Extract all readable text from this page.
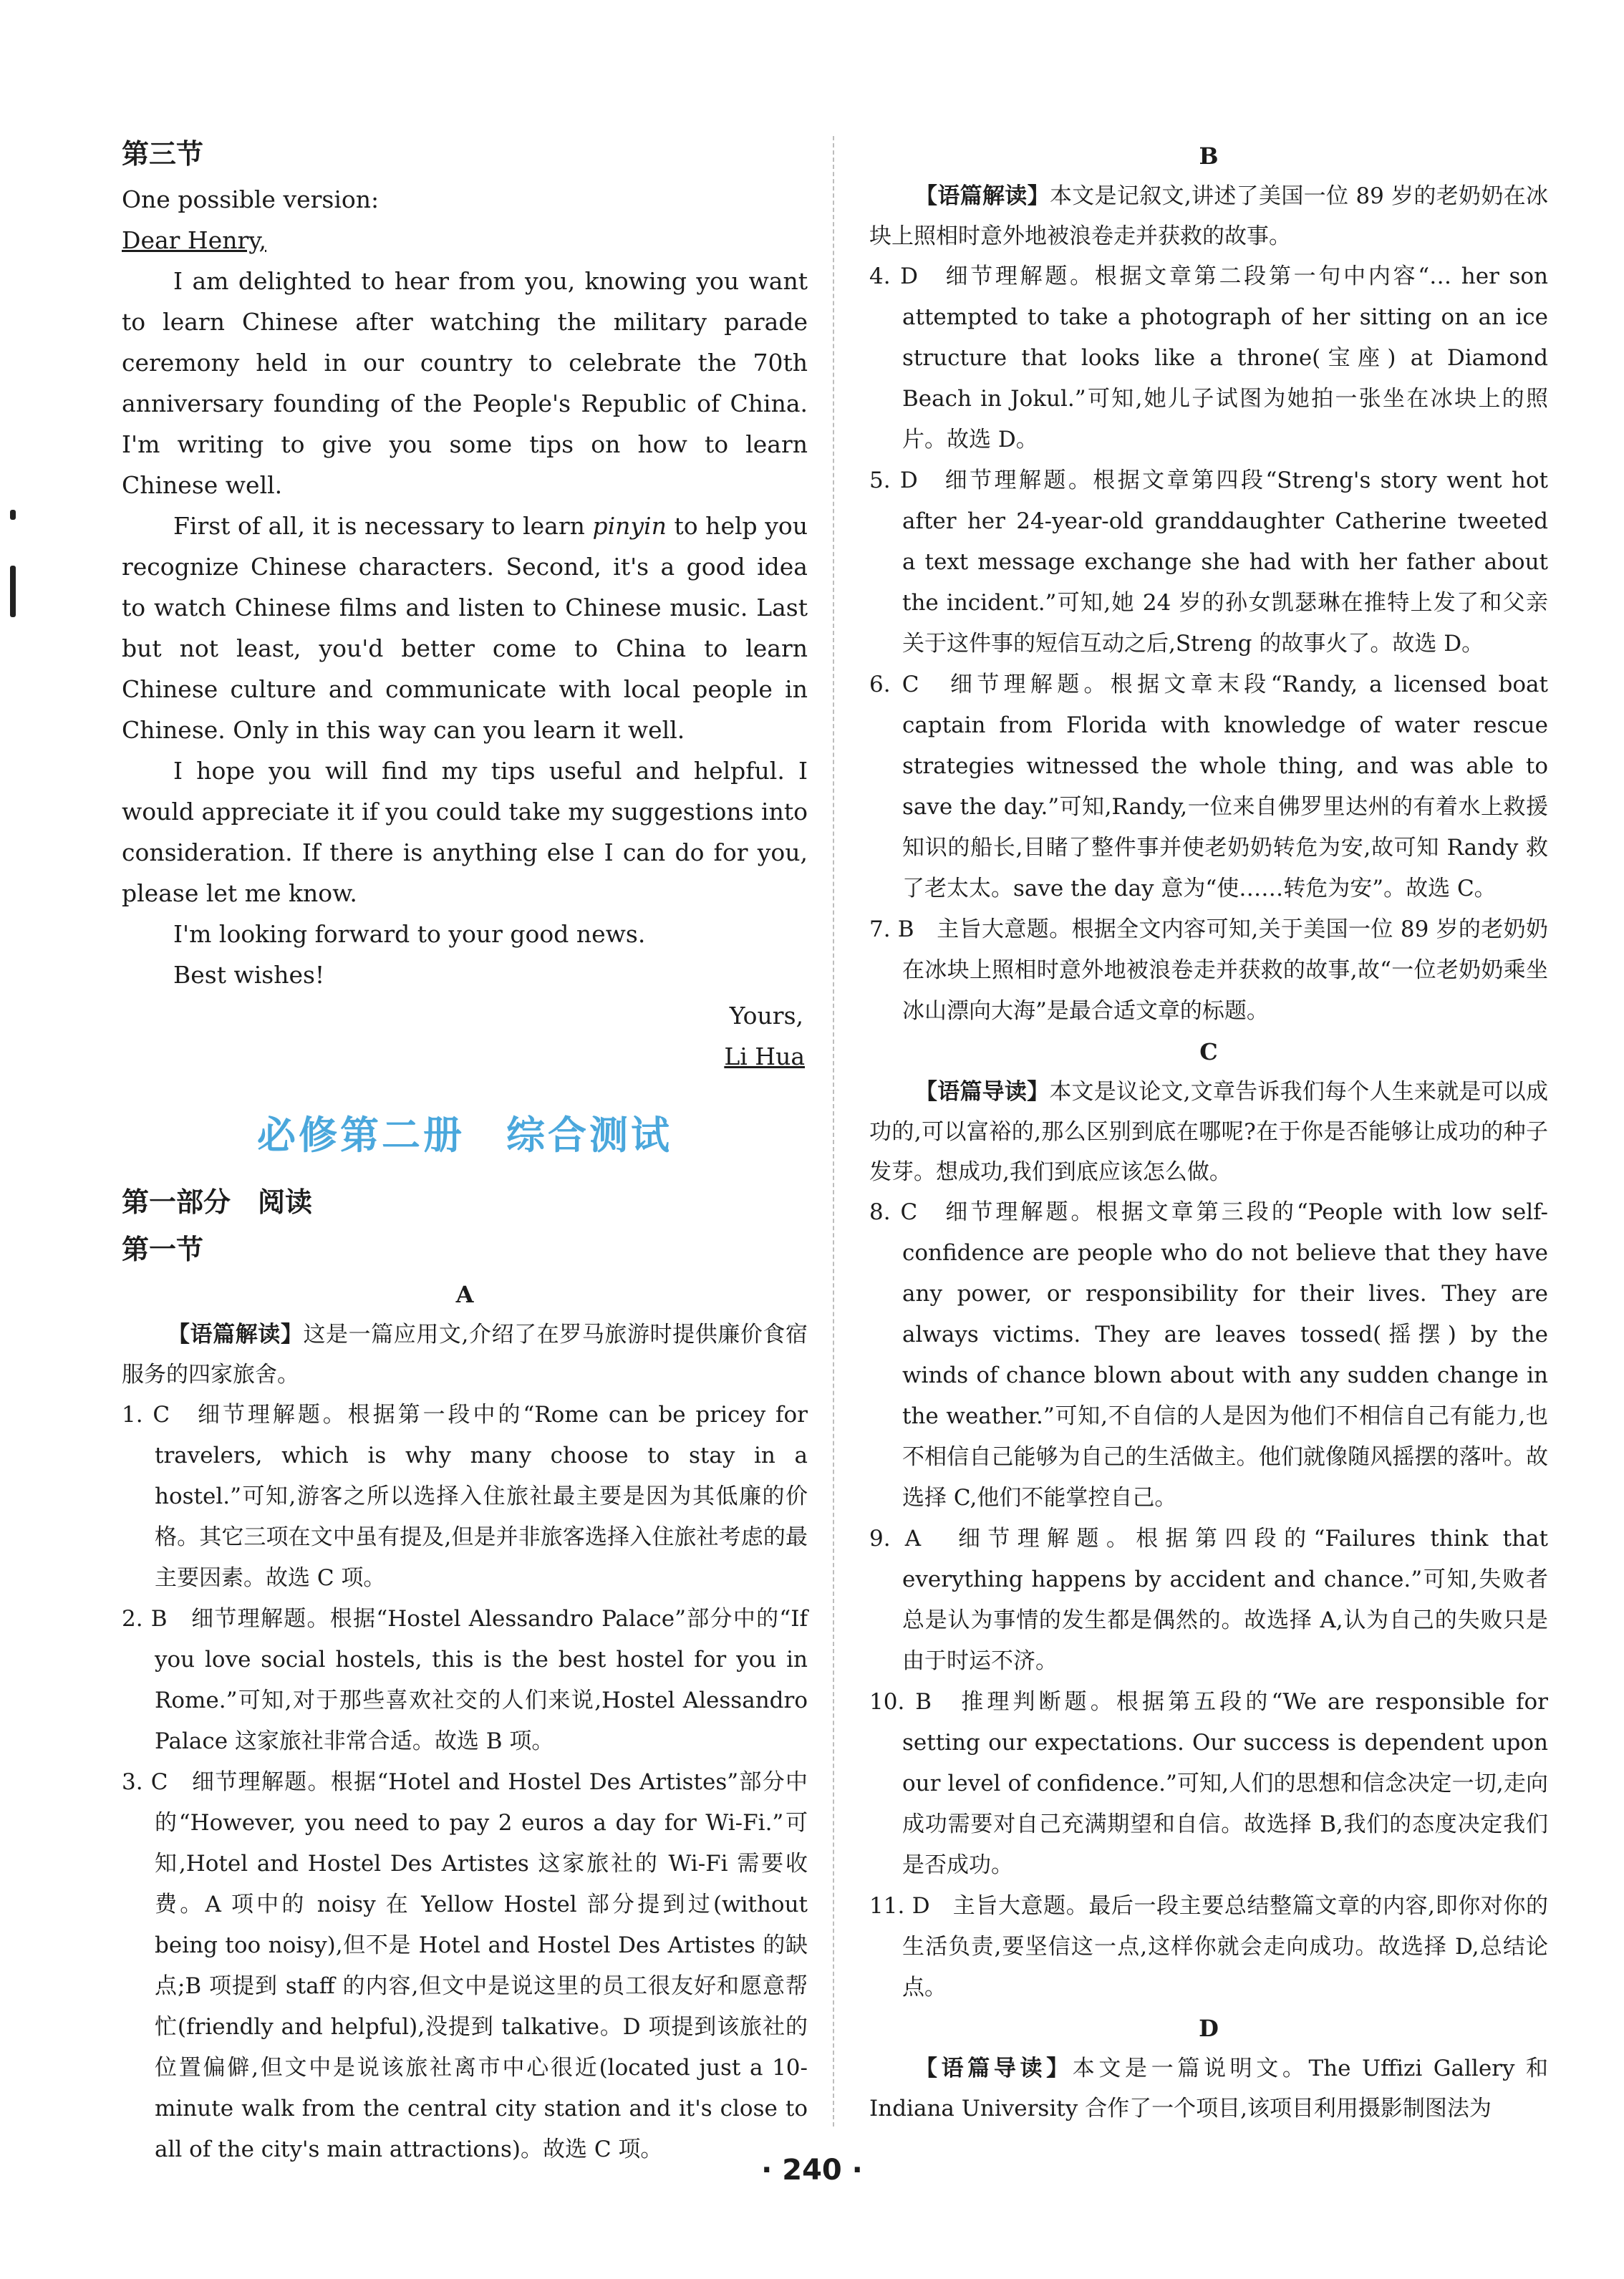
第三节

One possible version:

Dear Henry,

I am delighted to hear from you, knowing you want to learn Chinese after watching the military parade ceremony held in our country to celebrate the 70th anniversary founding of the People's Republic of China. I'm writing to give you some tips on how to learn Chinese well.

First of all, it is necessary to learn pinyin to help you recognize Chinese characters. Second, it's a good idea to watch Chinese films and listen to Chinese music. Last but not least, you'd better come to China to learn Chinese culture and communicate with local people in Chinese. Only in this way can you learn it well.

I hope you will find my tips useful and helpful. I would appreciate it if you could take my suggestions into consideration. If there is anything else I can do for you, please let me know.

I'm looking forward to your good news.

Best wishes!

Yours,

Li Hua

必修第二册　综合测试

第一部分　阅读

第一节

A

【语篇解读】这是一篇应用文,介绍了在罗马旅游时提供廉价食宿服务的四家旅舍。

1. C　细节理解题。根据第一段中的“Rome can be pricey for travelers, which is why many choose to stay in a hostel.”可知,游客之所以选择入住旅社最主要是因为其低廉的价格。其它三项在文中虽有提及,但是并非旅客选择入住旅社考虑的最主要因素。故选 C 项。

2. B　细节理解题。根据“Hostel Alessandro Palace”部分中的“If you love social hostels, this is the best hostel for you in Rome.”可知,对于那些喜欢社交的人们来说,Hostel Alessandro Palace 这家旅社非常合适。故选 B 项。

3. C　细节理解题。根据“Hotel and Hostel Des Artistes”部分中的“However, you need to pay 2 euros a day for Wi-Fi.”可知,Hotel and Hostel Des Artistes 这家旅社的 Wi-Fi 需要收费。A 项中的 noisy 在 Yellow Hostel 部分提到过(without being too noisy),但不是 Hotel and Hostel Des Artistes 的缺点;B 项提到 staff 的内容,但文中是说这里的员工很友好和愿意帮忙(friendly and helpful),没提到 talkative。D 项提到该旅社的位置偏僻,但文中是说该旅社离市中心很近(located just a 10-minute walk from the central city station and it's close to all of the city's main attractions)。故选 C 项。

B

【语篇解读】本文是记叙文,讲述了美国一位 89 岁的老奶奶在冰块上照相时意外地被浪卷走并获救的故事。

4. D　细节理解题。根据文章第二段第一句中内容“… her son attempted to take a photograph of her sitting on an ice structure that looks like a throne(宝座) at Diamond Beach in Jokul.”可知,她儿子试图为她拍一张坐在冰块上的照片。故选 D。

5. D　细节理解题。根据文章第四段“Streng's story went hot after her 24-year-old granddaughter Catherine tweeted a text message exchange she had with her father about the incident.”可知,她 24 岁的孙女凯瑟琳在推特上发了和父亲关于这件事的短信互动之后,Streng 的故事火了。故选 D。

6. C　细节理解题。根据文章末段“Randy, a licensed boat captain from Florida with knowledge of water rescue strategies witnessed the whole thing, and was able to save the day.”可知,Randy,一位来自佛罗里达州的有着水上救援知识的船长,目睹了整件事并使老奶奶转危为安,故可知 Randy 救了老太太。save the day 意为“使……转危为安”。故选 C。

7. B　主旨大意题。根据全文内容可知,关于美国一位 89 岁的老奶奶在冰块上照相时意外地被浪卷走并获救的故事,故“一位老奶奶乘坐冰山漂向大海”是最合适文章的标题。

C

【语篇导读】本文是议论文,文章告诉我们每个人生来就是可以成功的,可以富裕的,那么区别到底在哪呢?在于你是否能够让成功的种子发芽。想成功,我们到底应该怎么做。

8. C　细节理解题。根据文章第三段的“People with low self-confidence are people who do not believe that they have any power, or responsibility for their lives. They are always victims. They are leaves tossed(摇摆) by the winds of chance blown about with any sudden change in the weather.”可知,不自信的人是因为他们不相信自己有能力,也不相信自己能够为自己的生活做主。他们就像随风摇摆的落叶。故选择 C,他们不能掌控自己。

9. A　细节理解题。根据第四段的“Failures think that everything happens by accident and chance.”可知,失败者总是认为事情的发生都是偶然的。故选择 A,认为自己的失败只是由于时运不济。

10. B　推理判断题。根据第五段的“We are responsible for setting our expectations. Our success is dependent upon our level of confidence.”可知,人们的思想和信念决定一切,走向成功需要对自己充满期望和自信。故选择 B,我们的态度决定我们是否成功。

11. D　主旨大意题。最后一段主要总结整篇文章的内容,即你对你的生活负责,要坚信这一点,这样你就会走向成功。故选择 D,总结论点。

D

【语篇导读】本文是一篇说明文。The Uffizi Gallery 和 Indiana University 合作了一个项目,该项目利用摄影制图法为

· 240 ·
